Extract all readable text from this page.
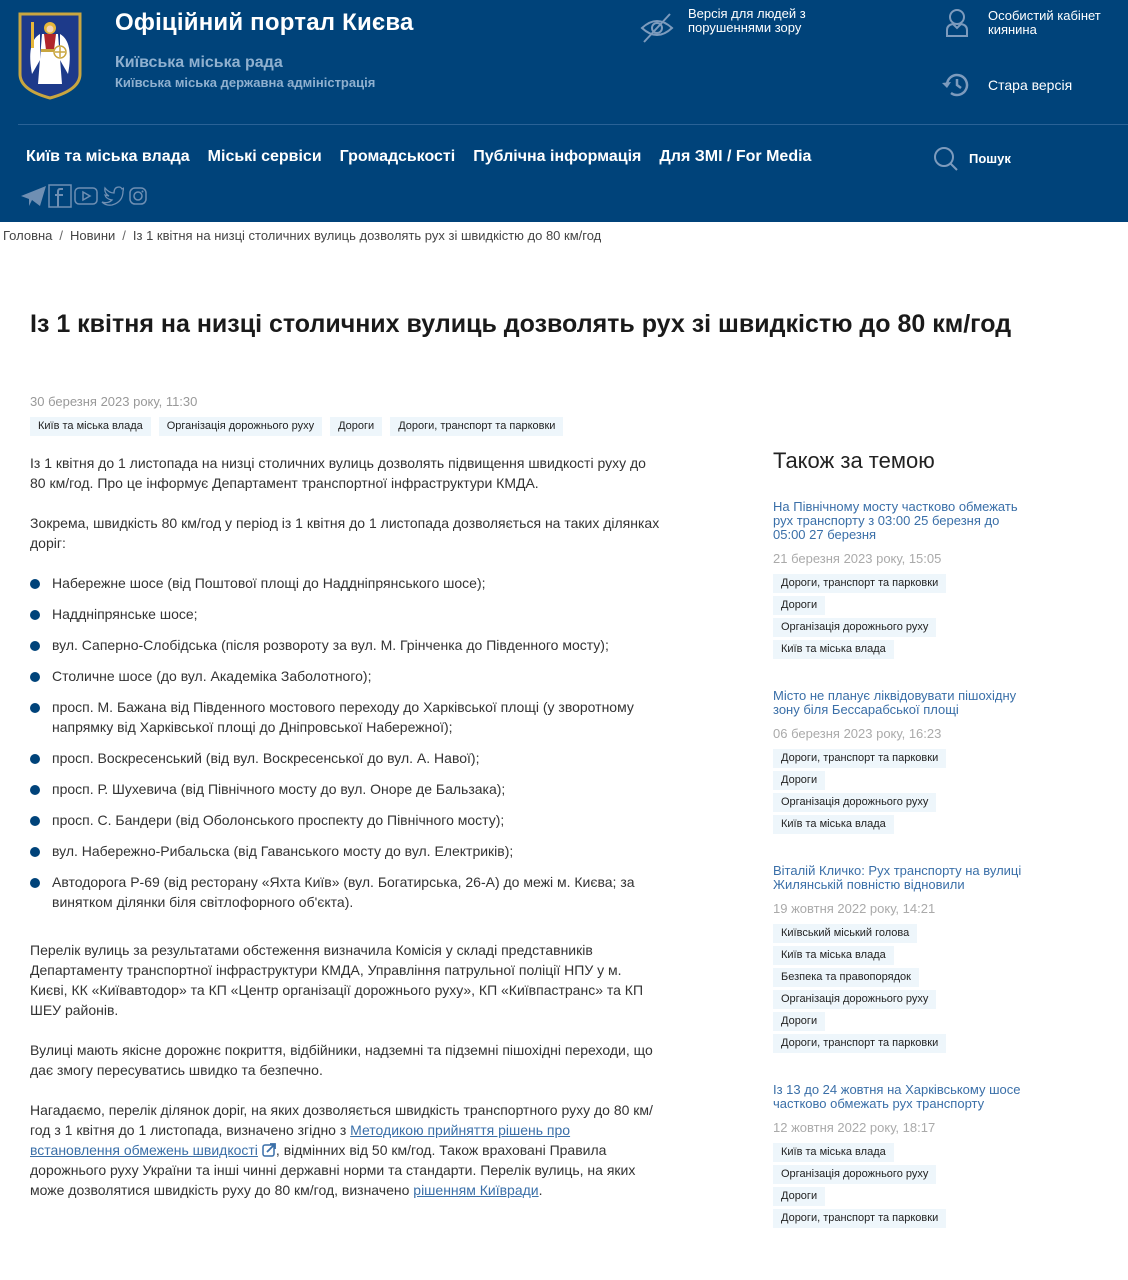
Офіційний портал Києва
Київська міська рада
Київська міська державна адміністрація
Версія для людей з порушеннями зору
Особистий кабінет киянина
Стара версія
Київ та міська влада Міські сервіси Громадськості Публічна інформація Для ЗМІ / For Media	Пошук
Головна / Новини / Із 1 квітня на низці столичних вулиць дозволять рух зі швидкістю до 80 км/год
Із 1 квітня на низці столичних вулиць дозволять рух зі швидкістю до 80 км/год
30 березня 2023 року, 11:30
Київ та міська влада	Організація дорожнього руху	Дороги	Дороги, транспорт та парковки

Із 1 квітня до 1 листопада на низці столичних вулиць дозволять підвищення швидкості руху до 80 км/год. Про це інформує Департамент транспортної інфраструктури КМДА.

Зокрема, швидкість 80 км/год у період із 1 квітня до 1 листопада дозволяється на таких ділянках доріг:

Набережне шосе (від Поштової площі до Наддніпрянського шосе);
Наддніпрянське шосе;
вул. Саперно-Слобідська (після розвороту за вул. М. Грінченка до Південного мосту);
Столичне шосе (до вул. Академіка Заболотного);
просп. М. Бажана від Південного мостового переходу до Харківської площі (у зворотному напрямку від Харківської площі до Дніпровської Набережної);
просп. Воскресенський (від вул. Воскресенської до вул. А. Навої);
просп. Р. Шухевича (від Північного мосту до вул. Оноре де Бальзака);
просп. С. Бандери (від Оболонського проспекту до Північного мосту);
вул. Набережно-Рибальска (від Гаванського мосту до вул. Електриків);
Автодорога Р-69 (від ресторану «Яхта Київ» (вул. Богатирська, 26-А) до межі м. Києва; за винятком ділянки біля світлофорного об'єкта).

Перелік вулиць за результатами обстеження визначила Комісія у складі представників Департаменту транспортної інфраструктури КМДА, Управління патрульної поліції НПУ у м. Києві, КК «Київавтодор» та КП «Центр організації дорожнього руху», КП «Київпастранс» та КП ШЕУ районів.

Вулиці мають якісне дорожнє покриття, відбійники, надземні та підземні пішохідні переходи, що дає змогу пересуватись швидко та безпечно.

Нагадаємо, перелік ділянок доріг, на яких дозволяється швидкість транспортного руху до 80 км/год з 1 квітня до 1 листопада, визначено згідно з Методикою прийняття рішень про встановлення обмежень швидкості , відмінних від 50 км/год. Також враховані Правила дорожнього руху України та інші чинні державні норми та стандарти. Перелік вулиць, на яких може дозволятися швидкість руху до 80 км/год, визначено рішенням Київради.

Також за темою
На Північному мосту частково обмежать рух транспорту з 03:00 25 березня до 05:00 27 березня
21 березня 2023 року, 15:05
Дороги, транспорт та парковки
Дороги
Організація дорожнього руху
Київ та міська влада
Місто не планує ліквідовувати пішохідну зону біля Бессарабської площі
06 березня 2023 року, 16:23
Дороги, транспорт та парковки
Дороги
Організація дорожнього руху
Київ та міська влада
Віталій Кличко: Рух транспорту на вулиці Жилянській повністю відновили
19 жовтня 2022 року, 14:21
Київський міський голова
Київ та міська влада
Безпека та правопорядок
Організація дорожнього руху
Дороги
Дороги, транспорт та парковки
Із 13 до 24 жовтня на Харківському шосе частково обмежать рух транспорту
12 жовтня 2022 року, 18:17
Київ та міська влада
Організація дорожнього руху
Дороги
Дороги, транспорт та парковки
